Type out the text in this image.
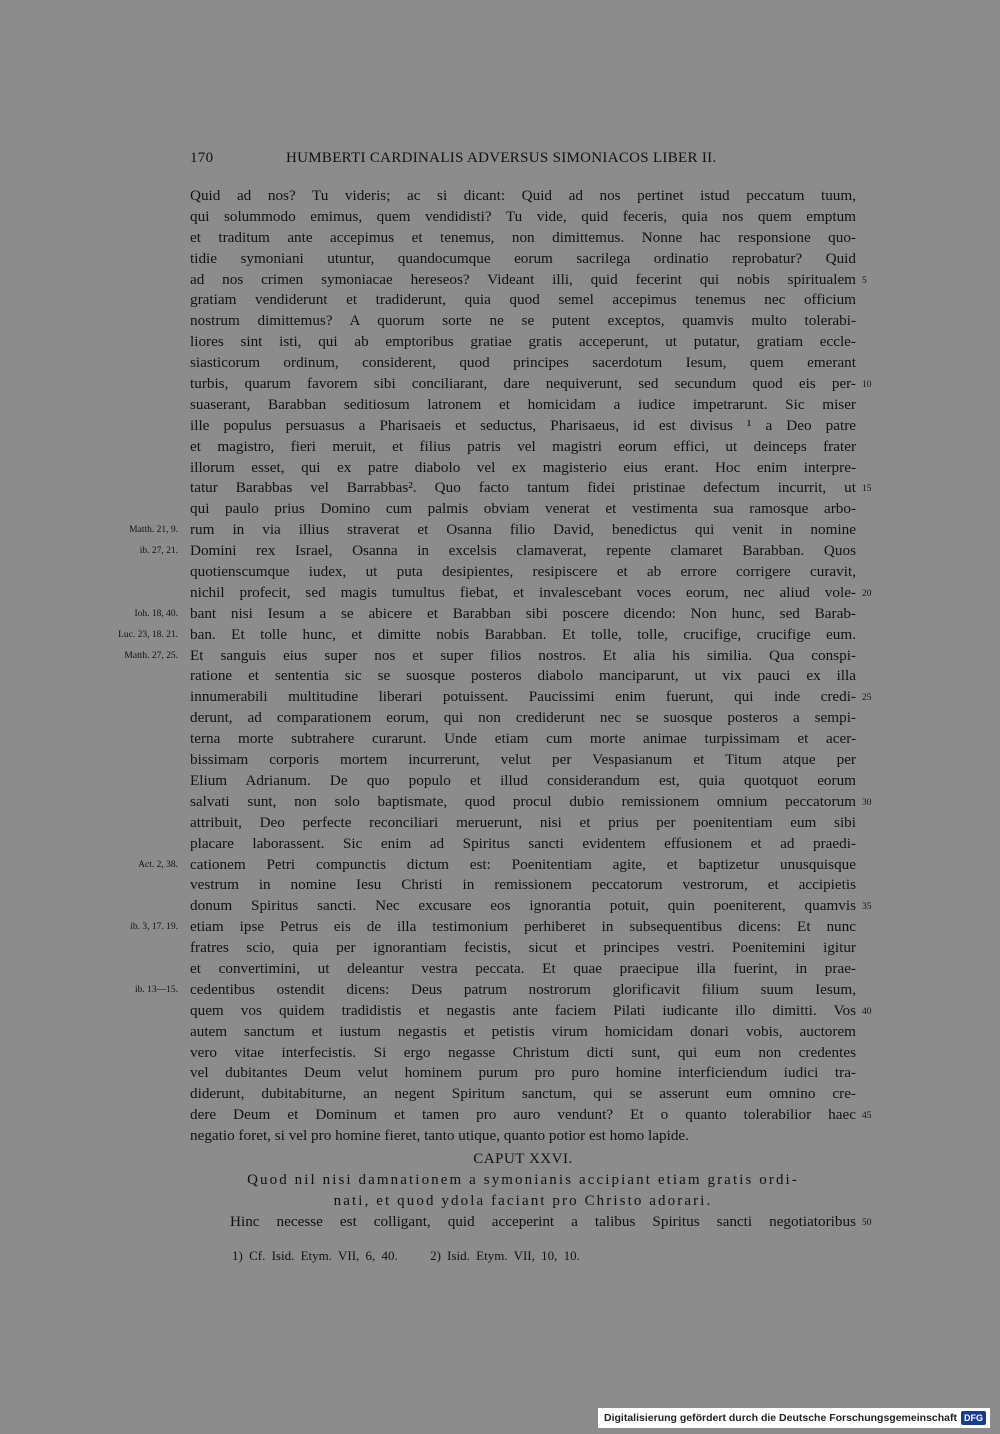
170	HUMBERTI CARDINALIS ADVERSUS SIMONIACOS LIBER II.
Quid ad nos? Tu videris; ac si dicant: Quid ad nos pertinet istud peccatum tuum,
qui solummodo emimus, quem vendidisti? Tu vide, quid feceris, quia nos quem emptum
et traditum ante accepimus et tenemus, non dimittemus. Nonne hac responsione quo-
tidie symoniani utuntur, quandocumque eorum sacrilega ordinatio reprobatur? Quid
ad nos crimen symoniacae hereseos? Videant illi, quid fecerint qui nobis spiritualem 5
gratiam vendiderunt et tradiderunt, quia quod semel accepimus tenemus nec officium
nostrum dimittemus? A quorum sorte ne se putent exceptos, quamvis multo tolerabi-
liores sint isti, qui ab emptoribus gratiae gratis acceperunt, ut putatur, gratiam eccle-
siasticorum ordinum, considerent, quod principes sacerdotum Iesum, quem emerant
turbis, quarum favorem sibi conciliarant, dare nequiverunt, sed secundum quod eis per- 10
suaserant, Barabban seditiosum latronem et homicidam a iudice impetrarunt. Sic miser
ille populus persuasus a Pharisaeis et seductus, Pharisaeus, id est divisus ¹ a Deo patre
et magistro, fieri meruit, et filius patris vel magistri eorum effici, ut deinceps frater
illorum esset, qui ex patre diabolo vel ex magisterio eius erant. Hoc enim interpre-
tatur Barabbas vel Barrabbas². Quo facto tantum fidei pristinae defectum incurrit, ut 15
qui paulo prius Domino cum palmis obviam venerat et vestimenta sua ramosque arbo-
rum in via illius straverat et Osanna filio David, benedictus qui venit in nomine
Matth. 21, 9.
Domini rex Israel, Osanna in excelsis clamaverat, repente clamaret Barabban. Quos
ib. 27, 21.
quotienscumque iudex, ut puta desipientes, resipiscere et ab errore corrigere curavit,
nichil profecit, sed magis tumultus fiebat, et invalescebant voces eorum, nec aliud vole- 20
bant nisi Iesum a se abicere et Barabban sibi poscere dicendo: Non hunc, sed Barab-
Ioh. 18, 40.
ban. Et tolle hunc, et dimitte nobis Barabban. Et tolle, tolle, crucifige, crucifige eum.
Luc. 23, 18. 21.
Et sanguis eius super nos et super filios nostros. Et alia his similia. Qua conspi-
Matth. 27, 25.
ratione et sententia sic se suosque posteros diabolo manciparunt, ut vix pauci ex illa
innumerabili multitudine liberari potuissent. Paucissimi enim fuerunt, qui inde credi- 25
derunt, ad comparationem eorum, qui non crediderunt nec se suosque posteros a sempi-
terna morte subtrahere curarunt. Unde etiam cum morte animae turpissimam et acer-
bissimam corporis mortem incurrerunt, velut per Vespasianum et Titum atque per
Elium Adrianum. De quo populo et illud considerandum est, quia quotquot eorum
salvati sunt, non solo baptismate, quod procul dubio remissionem omnium peccatorum 30
attribuit, Deo perfecte reconciliari meruerunt, nisi et prius per poenitentiam eum sibi
placare laborassent. Sic enim ad Spiritus sancti evidentem effusionem et ad praedi-
cationem Petri compunctis dictum est: Poenitentiam agite, et baptizetur unusquisque
Act. 2, 38.
vestrum in nomine Iesu Christi in remissionem peccatorum vestrorum, et accipietis
donum Spiritus sancti. Nec excusare eos ignorantia potuit, quin poeniterent, quamvis 35
etiam ipse Petrus eis de illa testimonium perhiberet in subsequentibus dicens: Et nunc
ib. 3, 17. 19.
fratres scio, quia per ignorantiam fecistis, sicut et principes vestri. Poenitemini igitur
et convertimini, ut deleantur vestra peccata. Et quae praecipue illa fuerint, in prae-
cedentibus ostendit dicens: Deus patrum nostrorum glorificavit filium suum Iesum,
ib. 13—15.
quem vos quidem tradidistis et negastis ante faciem Pilati iudicante illo dimitti. Vos 40
autem sanctum et iustum negastis et petistis virum homicidam donari vobis, auctorem
vero vitae interfecistis. Si ergo negasse Christum dicti sunt, qui eum non credentes
vel dubitantes Deum velut hominem purum pro puro homine interficiendum iudici tra-
diderunt, dubitabiturne, an negent Spiritum sanctum, qui se asserunt eum omnino cre-
dere Deum et Dominum et tamen pro auro vendunt? Et o quanto tolerabilior haec 45
negatio foret, si vel pro homine fieret, tanto utique, quanto potior est homo lapide.
CAPUT XXVI.
Quod nil nisi damnationem a symonianis accipiant etiam gratis ordi-
nati, et quod ydola faciant pro Christo adorari.
Hinc necesse est colligant, quid acceperint a talibus Spiritus sancti negotiatoribus 50
1) Cf. Isid. Etym. VII, 6, 40. 2) Isid. Etym. VII, 10, 10.
Digitalisierung gefördert durch die Deutsche Forschungsgemeinschaft DFG
